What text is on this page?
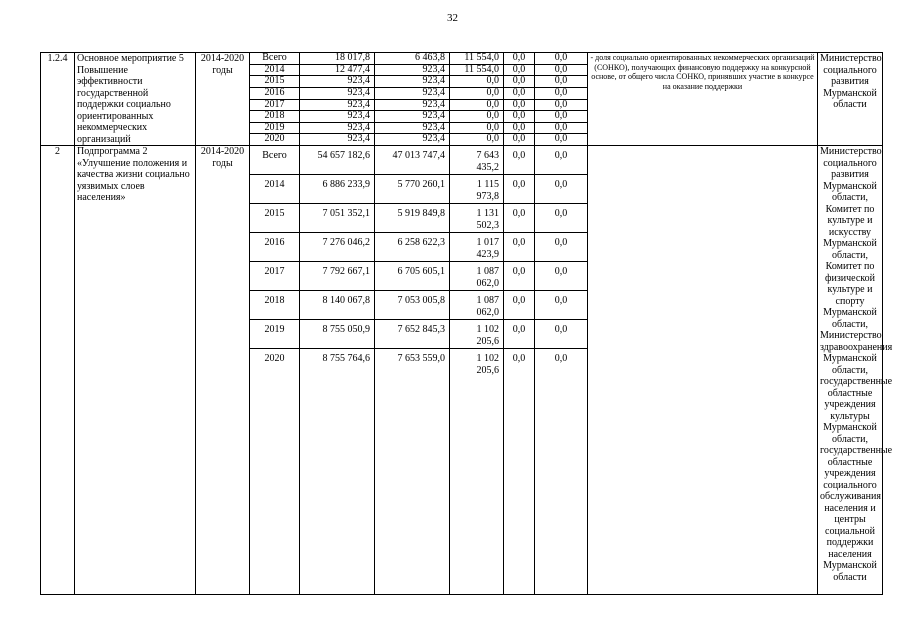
32
1.2.4	Основное мероприятие 5 Повышение эффективности государственной поддержки социально ориентированных некоммерческих организаций	2014-2020 годы	Всего	18 017,8	6 463,8	11 554,0	0,0	0,0	- доля социально ориентированных некоммерческих организаций (СОНКО), получающих финансовую поддержку на конкурсной основе, от общего числа СОНКО, принявших участие в конкурсе на оказание поддержки	Министерство социального развития Мурманской области
			2014	12 477,4	923,4	11 554,0	0,0	0,0		
			2015	923,4	923,4	0,0	0,0	0,0		
			2016	923,4	923,4	0,0	0,0	0,0		
			2017	923,4	923,4	0,0	0,0	0,0		
			2018	923,4	923,4	0,0	0,0	0,0		
			2019	923,4	923,4	0,0	0,0	0,0		
			2020	923,4	923,4	0,0	0,0	0,0		
2	Подпрограмма 2 «Улучшение положения и качества жизни социально уязвимых слоев населения»	2014-2020 годы	Всего	54 657 182,6	47 013 747,4	7 643 435,2	0,0	0,0		Министерство социального развития Мурманской области, Комитет по культуре и искусству Мурманской области, Комитет по физической культуре и спорту Мурманской области, Министерство здравоохранения Мурманской области, государственные областные учреждения культуры Мурманской области, государственные областные учреждения социального обслуживания населения и центры социальной поддержки населения Мурманской области
			2014	6 886 233,9	5 770 260,1	1 115 973,8	0,0	0,0		
			2015	7 051 352,1	5 919 849,8	1 131 502,3	0,0	0,0		
			2016	7 276 046,2	6 258 622,3	1 017 423,9	0,0	0,0		
			2017	7 792 667,1	6 705 605,1	1 087 062,0	0,0	0,0		
			2018	8 140 067,8	7 053 005,8	1 087 062,0	0,0	0,0		
			2019	8 755 050,9	7 652 845,3	1 102 205,6	0,0	0,0		
			2020	8 755 764,6	7 653 559,0	1 102 205,6	0,0	0,0		
